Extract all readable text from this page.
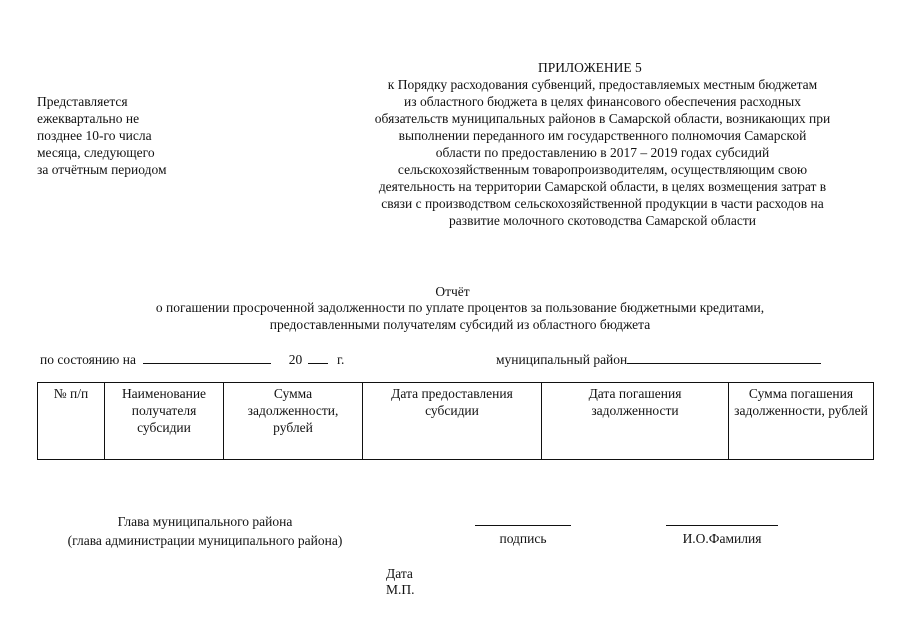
Представляется
ежеквартально не
позднее 10-го числа
месяца, следующего
за отчётным периодом
ПРИЛОЖЕНИЕ 5
к Порядку расходования субвенций, предоставляемых местным бюджетам
из областного бюджета в целях финансового обеспечения расходных
обязательств муниципальных районов в Самарской области, возникающих при
выполнении переданного им государственного полномочия Самарской
области по предоставлению в 2017 – 2019 годах субсидий
сельскохозяйственным товаропроизводителям, осуществляющим свою
деятельность на территории Самарской области, в целях возмещения затрат в
связи с производством сельскохозяйственной продукции в части расходов на
развитие молочного скотоводства Самарской области
Отчёт
о погашении просроченной задолженности по уплате процентов за пользование бюджетными кредитами,
предоставленными получателям субсидий из областного бюджета
по состоянию на	20	г.	муниципальный район
№ п/п	Наименование получателя субсидии	Сумма задолженности, рублей	Дата предоставления субсидии	Дата погашения задолженности	Сумма погашения задолженности, рублей
Глава муниципального района
(глава администрации муниципального района)	подпись	И.О.Фамилия
Дата
М.П.
